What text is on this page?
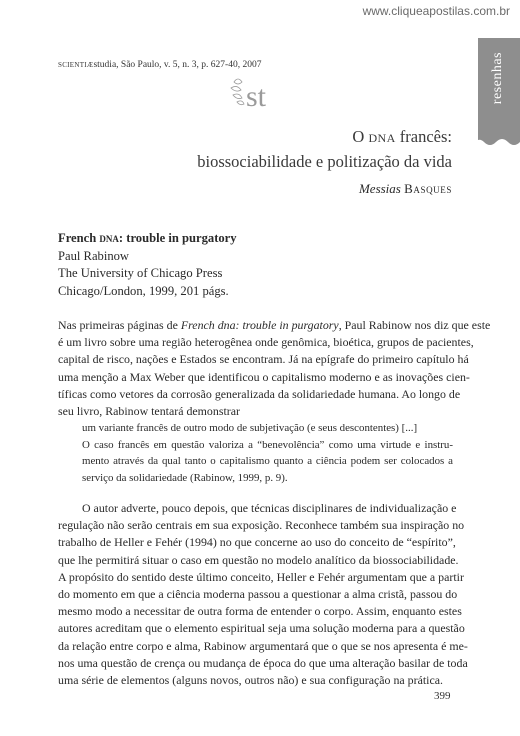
www.cliqueapostilas.com.br
resenhas
scientiæstudia, São Paulo, v. 5, n. 3, p. 627-40, 2007
st
O dna francês:
biossociabilidade e politização da vida
Messias Basques
French dna: trouble in purgatory
Paul Rabinow
The University of Chicago Press
Chicago/London, 1999, 201 págs.
Nas primeiras páginas de French dna: trouble in purgatory, Paul Rabinow nos diz que este
é um livro sobre uma região heterogênea onde genômica, bioética, grupos de pacientes,
capital de risco, nações e Estados se encontram. Já na epígrafe do primeiro capítulo há
uma menção a Max Weber que identificou o capitalismo moderno e as inovações cien-
tíficas como vetores da corrosão generalizada da solidariedade humana. Ao longo de
seu livro, Rabinow tentará demonstrar
um variante francês de outro modo de subjetivação (e seus descontentes) [...]
O caso francês em questão valoriza a “benevolência” como uma virtude e instru-
mento através da qual tanto o capitalismo quanto a ciência podem ser colocados a
serviço da solidariedade (Rabinow, 1999, p. 9).
O autor adverte, pouco depois, que técnicas disciplinares de individualização e
regulação não serão centrais em sua exposição. Reconhece também sua inspiração no
trabalho de Heller e Fehér (1994) no que concerne ao uso do conceito de “espírito”,
que lhe permitirá situar o caso em questão no modelo analítico da biossociabilidade.
A propósito do sentido deste último conceito, Heller e Fehér argumentam que a partir
do momento em que a ciência moderna passou a questionar a alma cristã, passou do
mesmo modo a necessitar de outra forma de entender o corpo. Assim, enquanto estes
autores acreditam que o elemento espiritual seja uma solução moderna para a questão
da relação entre corpo e alma, Rabinow argumentará que o que se nos apresenta é me-
nos uma questão de crença ou mudança de época do que uma alteração basilar de toda
uma série de elementos (alguns novos, outros não) e sua configuração na prática.
399
